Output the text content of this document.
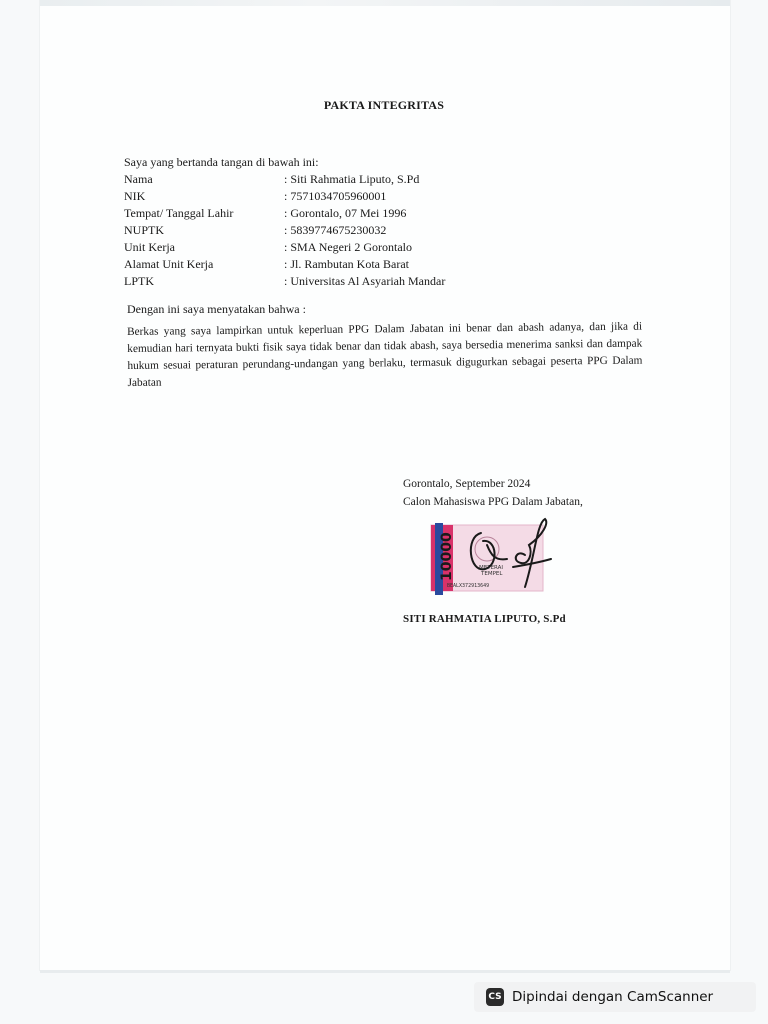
PAKTA INTEGRITAS
Saya yang bertanda tangan di bawah ini:
Nama	: Siti Rahmatia Liputo, S.Pd
NIK	: 7571034705960001
Tempat/ Tanggal Lahir	: Gorontalo, 07 Mei 1996
NUPTK	: 5839774675230032
Unit Kerja	: SMA Negeri 2 Gorontalo
Alamat Unit Kerja	: Jl. Rambutan Kota Barat
LPTK	: Universitas Al Asyariah Mandar
Dengan ini saya menyatakan bahwa :
Berkas yang saya lampirkan untuk keperluan PPG Dalam Jabatan ini benar dan abash adanya, dan jika di kemudian hari ternyata bukti fisik saya tidak benar dan tidak abash, saya bersedia menerima sanksi dan dampak hukum sesuai peraturan perundang-undangan yang berlaku, termasuk digugurkan sebagai peserta PPG Dalam Jabatan
Gorontalo, September 2024
Calon Mahasiswa PPG Dalam Jabatan,
10000	METERAI
TEMPEL
BEALX372913649
SITI RAHMATIA LIPUTO, S.Pd
CS Dipindai dengan CamScanner
